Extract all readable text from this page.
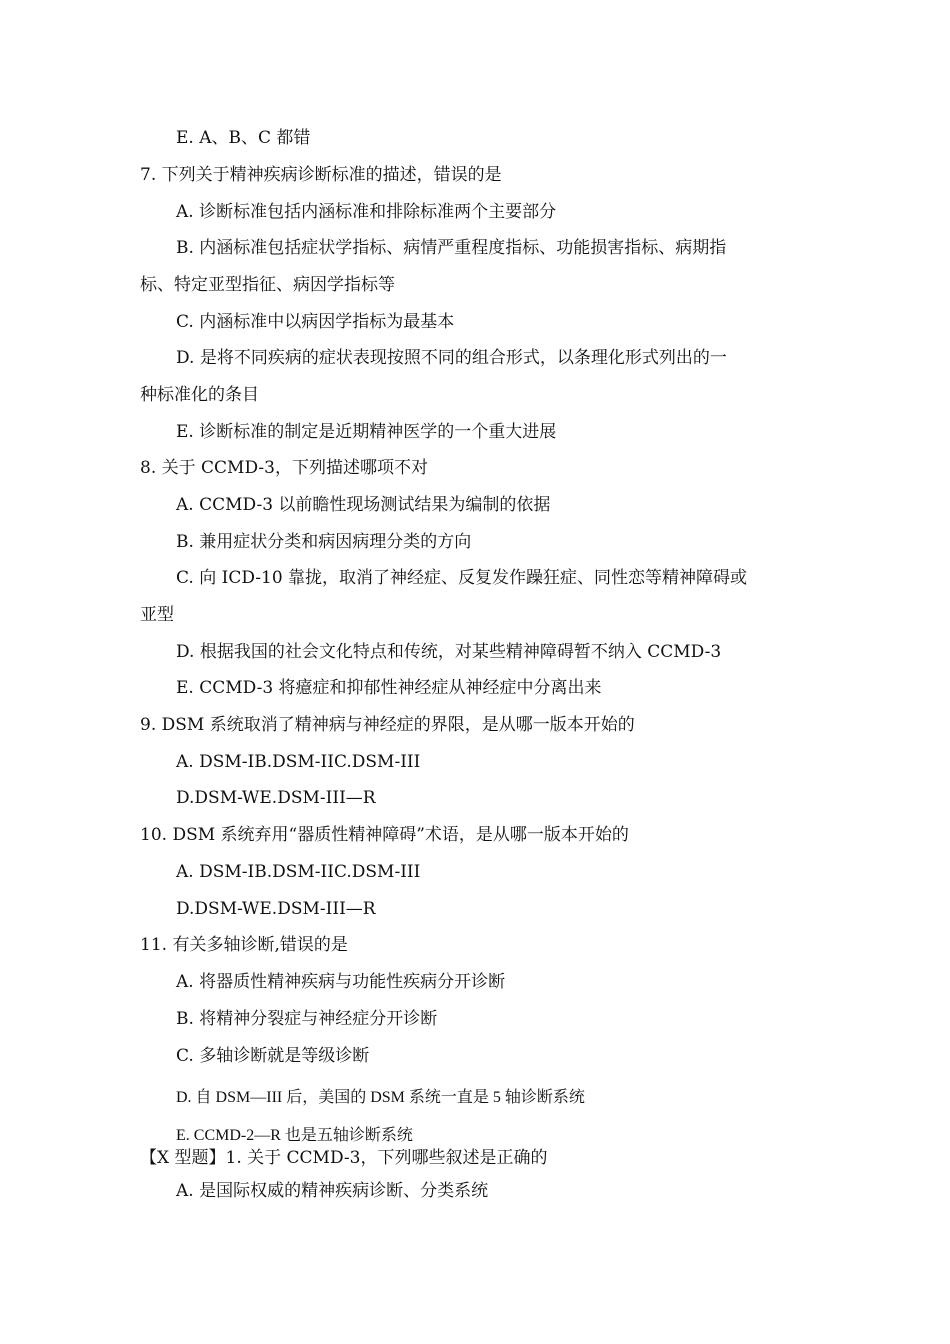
E. A、B、C 都错
7. 下列关于精神疾病诊断标准的描述，错误的是
A. 诊断标准包括内涵标准和排除标准两个主要部分
B. 内涵标准包括症状学指标、病情严重程度指标、功能损害指标、病期指
标、特定亚型指征、病因学指标等
C. 内涵标准中以病因学指标为最基本
D. 是将不同疾病的症状表现按照不同的组合形式，以条理化形式列出的一
种标准化的条目
E. 诊断标准的制定是近期精神医学的一个重大进展
8. 关于 CCMD-3，下列描述哪项不对
A. CCMD-3 以前瞻性现场测试结果为编制的依据
B. 兼用症状分类和病因病理分类的方向
C. 向 ICD-10 靠拢，取消了神经症、反复发作躁狂症、同性恋等精神障碍或
亚型
D. 根据我国的社会文化特点和传统，对某些精神障碍暂不纳入 CCMD-3
E. CCMD-3 将癔症和抑郁性神经症从神经症中分离出来
9. DSM 系统取消了精神病与神经症的界限，是从哪一版本开始的
A. DSM-IB.DSM-IIC.DSM-III
D.DSM-WE.DSM-III—R
10. DSM 系统弃用“器质性精神障碍”术语，是从哪一版本开始的
A. DSM-IB.DSM-IIC.DSM-III
D.DSM-WE.DSM-III—R
11. 有关多轴诊断,错误的是
A. 将器质性精神疾病与功能性疾病分开诊断
B. 将精神分裂症与神经症分开诊断
C. 多轴诊断就是等级诊断
D. 自 DSM—III 后，美国的 DSM 系统一直是 5 轴诊断系统
E. CCMD-2—R 也是五轴诊断系统
【X 型题】1. 关于 CCMD-3，下列哪些叙述是正确的
A. 是国际权威的精神疾病诊断、分类系统
